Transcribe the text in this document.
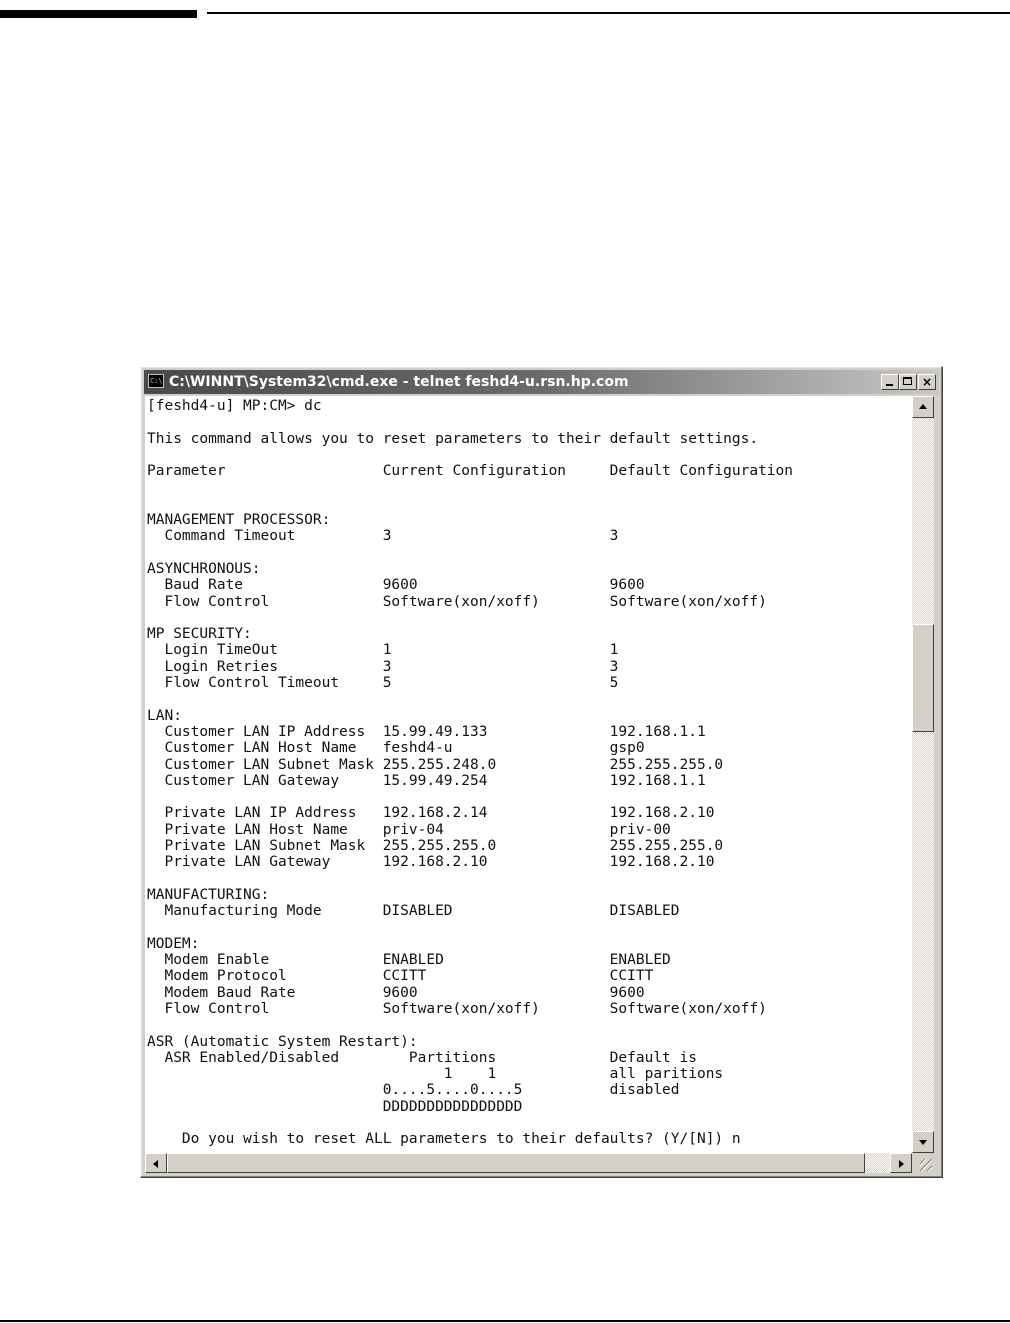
C:\ C:\WINNT\System32\cmd.exe - telnet feshd4-u.rsn.hp.com	×
[feshd4-u] MP:CM> dc

This command allows you to reset parameters to their default settings.

Parameter                  Current Configuration     Default Configuration

MANAGEMENT PROCESSOR:
Command Timeout          3                         3

ASYNCHRONOUS:
Baud Rate                9600                      9600
Flow Control             Software(xon/xoff)        Software(xon/xoff)

MP SECURITY:
Login TimeOut            1                         1
Login Retries            3                         3
Flow Control Timeout     5                         5

LAN:
Customer LAN IP Address  15.99.49.133              192.168.1.1
Customer LAN Host Name   feshd4-u                  gsp0
Customer LAN Subnet Mask 255.255.248.0             255.255.255.0
Customer LAN Gateway     15.99.49.254              192.168.1.1

Private LAN IP Address   192.168.2.14              192.168.2.10
Private LAN Host Name    priv-04                   priv-00
Private LAN Subnet Mask  255.255.255.0             255.255.255.0
Private LAN Gateway      192.168.2.10              192.168.2.10

MANUFACTURING:
Manufacturing Mode       DISABLED                  DISABLED

MODEM:
Modem Enable             ENABLED                   ENABLED
Modem Protocol           CCITT                     CCITT
Modem Baud Rate          9600                      9600
Flow Control             Software(xon/xoff)        Software(xon/xoff)

ASR (Automatic System Restart):
ASR Enabled/Disabled        Partitions             Default is
1    1             all paritions
0....5....0....5          disabled
DDDDDDDDDDDDDDDD

Do you wish to reset ALL parameters to their defaults? (Y/[N]) n
